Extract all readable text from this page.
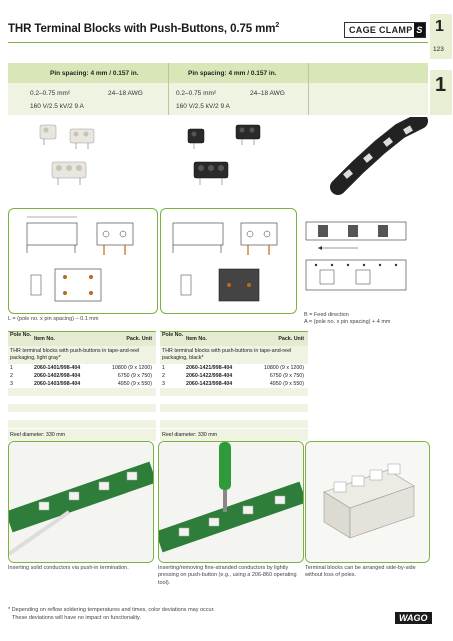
THR Terminal Blocks with Push-Buttons, 0.75 $mm^2$	CAGE CLAMP S 1
123
1
Pin spacing: 4 mm / 0.157 in.	Pin spacing: 4 mm / 0.157 in.
0.2–0.75 mm²	24–18 AWG
160 V/2.5 kV/2 9 A
0.2–0.75 mm²	24–18 AWG
160 V/2.5 kV/2 9 A
L = (pole no. x pin spacing) – 0.1 mm
B = Feed direction
A = (pole no. x pin spacing) + 4 mm
Pole No.
Item No.	Pack. Unit
THR terminal blocks with push-buttons in tape-and-reel packaging, light gray*
1	2060-1401/998-404	10800 (9 x 1200)
2	2060-1402/998-404	6750 (9 x 750)
3	2060-1403/998-404	4950 (9 x 550)
Reel diameter: 330 mm
Pole No.
Item No.	Pack. Unit
THR terminal blocks with push-buttons in tape-and-reel packaging, black*
1	2060-1421/998-404	10800 (9 x 1200)
2	2060-1422/998-404	6750 (9 x 750)
3	2060-1423/998-404	4950 (9 x 550)
Reel diameter: 330 mm
Inserting solid conductors via push-in termination.	Inserting/removing fine-stranded conductors by lightly pressing on push-button (e.g., using a 206-860 operating tool).
Terminal blocks can be arranged side-by-side without loss of poles.
* Depending on reflow soldering temperatures and times, color deviations may occur.
These deviations will have no impact on functionality.	WAGO
